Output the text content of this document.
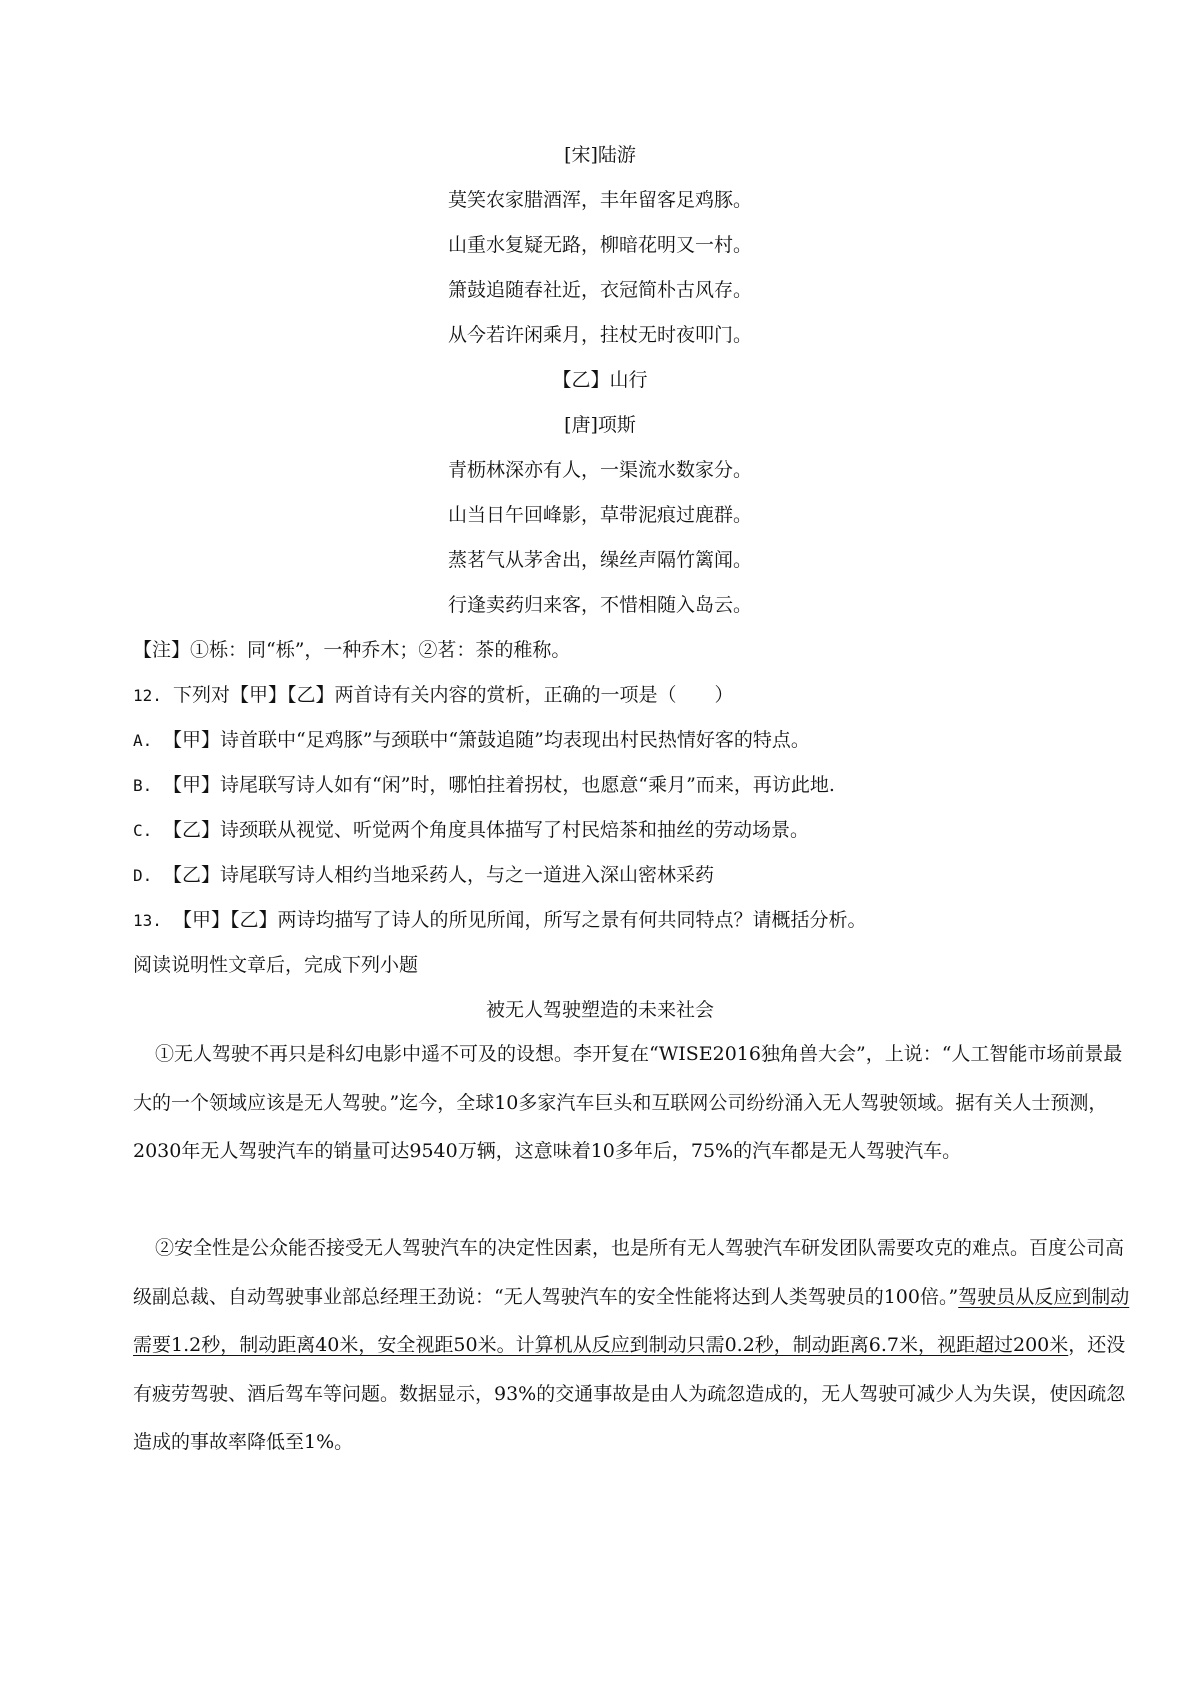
[宋]陆游
莫笑农家腊酒浑，丰年留客足鸡豚。
山重水复疑无路，柳暗花明又一村。
箫鼓追随春社近，衣冠简朴古风存。
从今若许闲乘月，拄杖无时夜叩门。
【乙】山行
[唐]项斯
青枥林深亦有人，一渠流水数家分。
山当日午回峰影，草带泥痕过鹿群。
蒸茗气从茅舍出，缲丝声隔竹篱闻。
行逢卖药归来客，不惜相随入岛云。
【注】①栎：同“栎”，一种乔木；②茗：茶的稚称。
12. 下列对【甲】【乙】两首诗有关内容的赏析，正确的一项是（　　）
A. 【甲】诗首联中“足鸡豚”与颈联中“箫鼓追随”均表现出村民热情好客的特点。
B. 【甲】诗尾联写诗人如有“闲”时，哪怕拄着拐杖，也愿意“乘月”而来，再访此地.
C. 【乙】诗颈联从视觉、听觉两个角度具体描写了村民焙茶和抽丝的劳动场景。
D. 【乙】诗尾联写诗人相约当地采药人，与之一道进入深山密林采药
13. 【甲】【乙】两诗均描写了诗人的所见所闻，所写之景有何共同特点？请概括分析。
阅读说明性文章后，完成下列小题
被无人驾驶塑造的未来社会
①无人驾驶不再只是科幻电影中遥不可及的设想。李开复在“WISE2016独角兽大会”，上说：“人工智能市场前景最大的一个领域应该是无人驾驶。”迄今，全球10多家汽车巨头和互联网公司纷纷涌入无人驾驶领域。据有关人士预测，2030年无人驾驶汽车的销量可达9540万辆，这意味着10多年后，75%的汽车都是无人驾驶汽车。
②安全性是公众能否接受无人驾驶汽车的决定性因素，也是所有无人驾驶汽车研发团队需要攻克的难点。百度公司高级副总裁、自动驾驶事业部总经理王劲说：“无人驾驶汽车的安全性能将达到人类驾驶员的100倍。”驾驶员从反应到制动需要1.2秒，制动距离40米，安全视距50米。计算机从反应到制动只需0.2秒，制动距离6.7米，视距超过200米，还没有疲劳驾驶、酒后驾车等问题。数据显示，93%的交通事故是由人为疏忽造成的，无人驾驶可减少人为失误，使因疏忽造成的事故率降低至1%。
